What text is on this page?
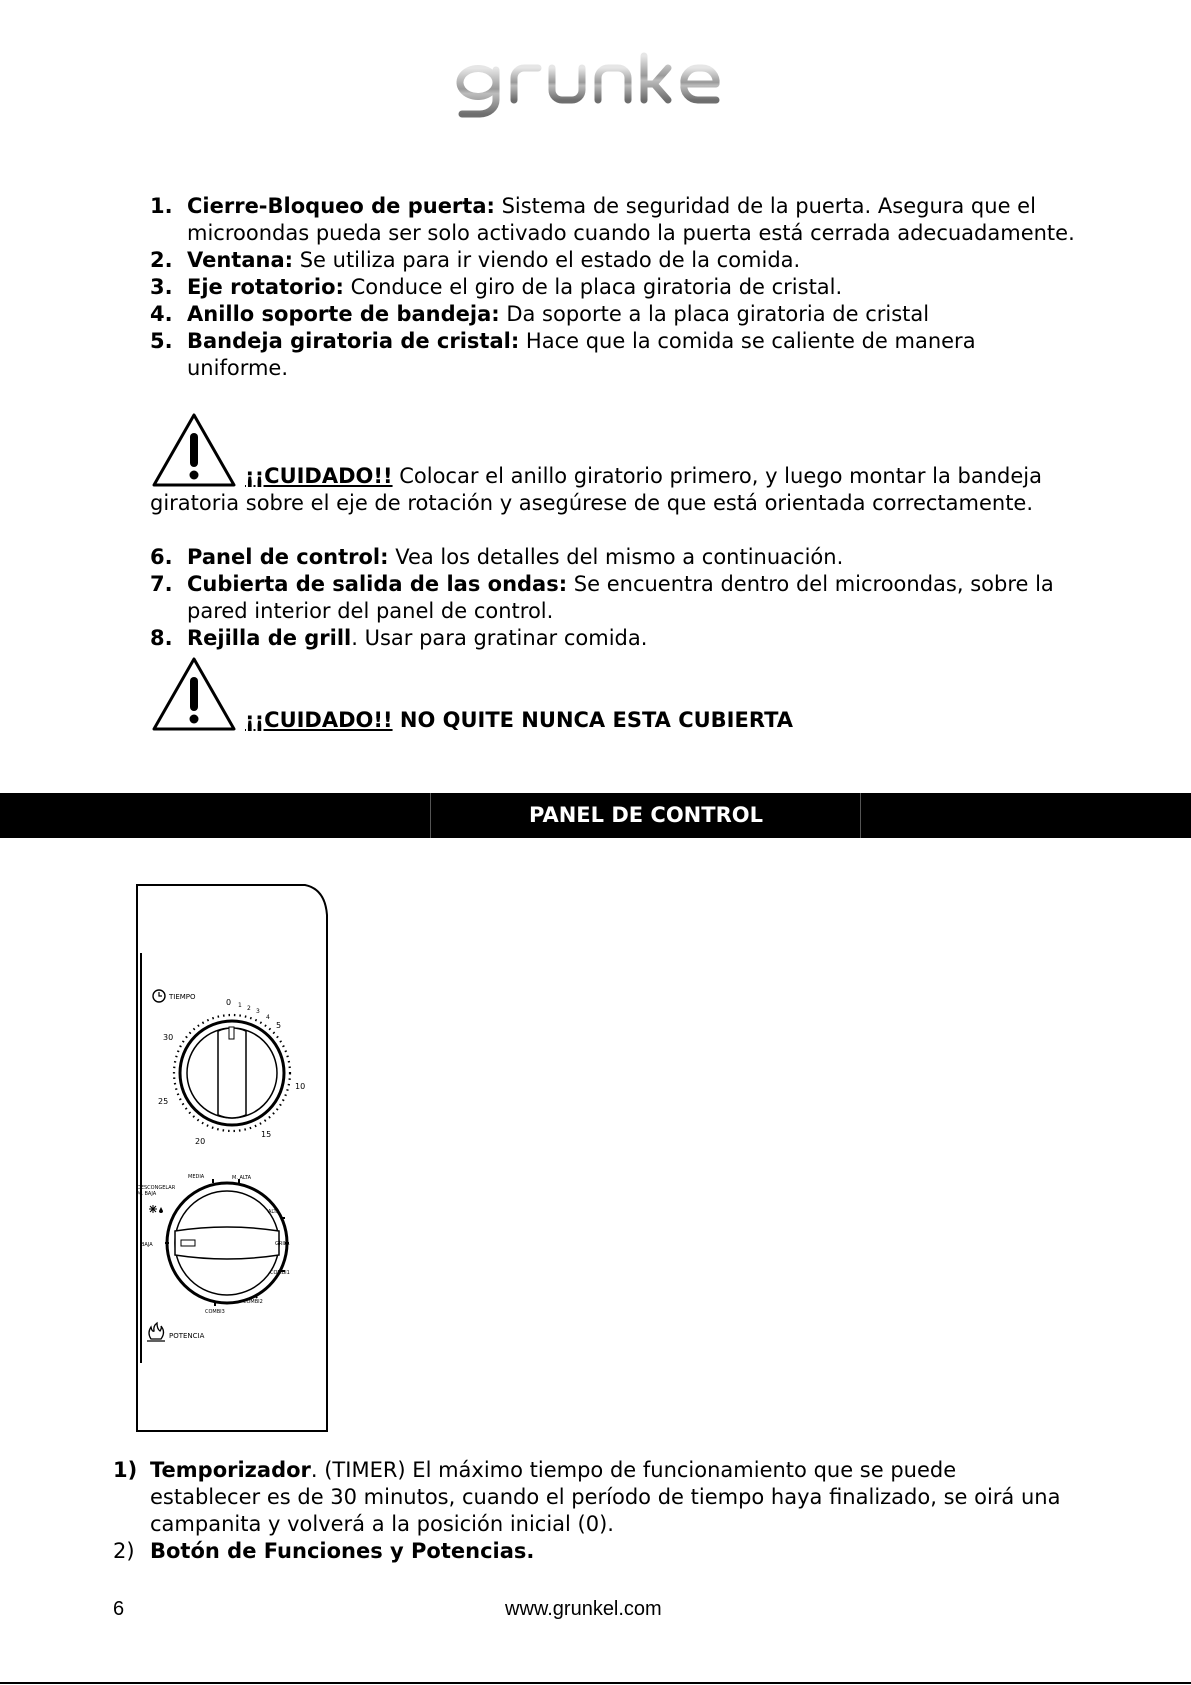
1. Cierre-Bloqueo de puerta: Sistema de seguridad de la puerta. Asegura que el microondas pueda ser solo activado cuando la puerta está cerrada adecuadamente.
2. Ventana: Se utiliza para ir viendo el estado de la comida.
3. Eje rotatorio: Conduce el giro de la placa giratoria de cristal.
4. Anillo soporte de bandeja: Da soporte a la placa giratoria de cristal
5. Bandeja giratoria de cristal: Hace que la comida se caliente de manera uniforme.
¡¡CUIDADO!! Colocar el anillo giratorio primero, y luego montar la bandeja giratoria sobre el eje de rotación y asegúrese de que está orientada correctamente.
6. Panel de control: Vea los detalles del mismo a continuación.
7. Cubierta de salida de las ondas: Se encuentra dentro del microondas, sobre la pared interior del panel de control.
8. Rejilla de grill. Usar para gratinar comida.
¡¡CUIDADO!! NO QUITE NUNCA ESTA CUBIERTA
PANEL DE CONTROL
TIEMPO
0 1 2 3
4
5
10
15
20
25
30
DESCONGELAR
M. BAJA
BAJA
MEDIA	M. ALTA
ALTA
GRILL
COMBI1
COMBI2
COMBI3
POTENCIA
1) Temporizador. (TIMER) El máximo tiempo de funcionamiento que se puede establecer es de 30 minutos, cuando el período de tiempo haya finalizado, se oirá una campanita y volverá a la posición inicial (0).
2) Botón de Funciones y Potencias.
6	www.grunkel.com
